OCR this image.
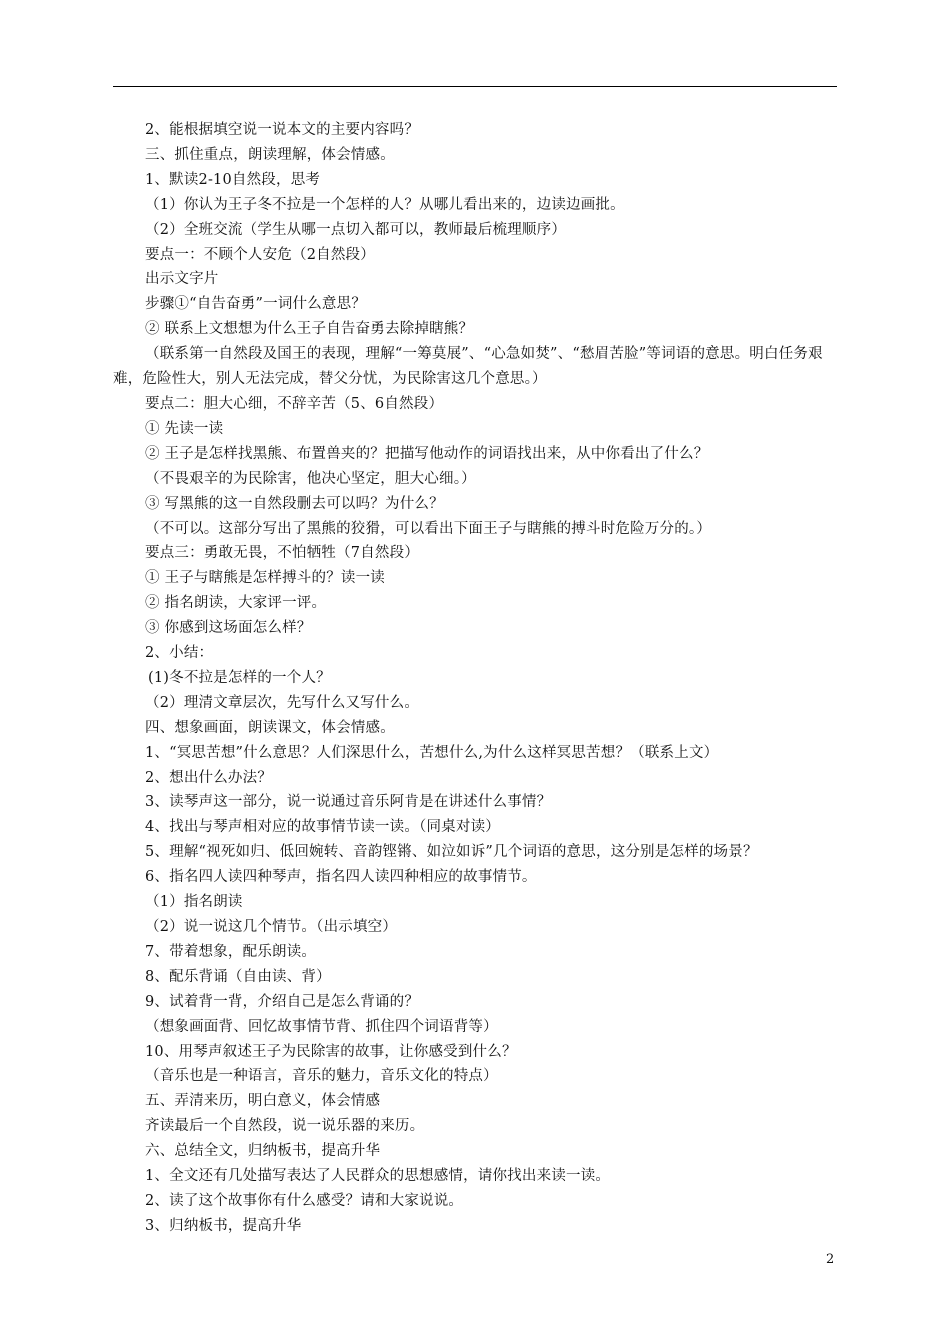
2、能根据填空说一说本文的主要内容吗？
三、抓住重点，朗读理解，体会情感。
1、默读2-10自然段，思考
（1）你认为王子冬不拉是一个怎样的人？从哪儿看出来的，边读边画批。
（2）全班交流（学生从哪一点切入都可以，教师最后梳理顺序）
要点一：不顾个人安危（2自然段）
出示文字片
步骤①“自告奋勇”一词什么意思？
② 联系上文想想为什么王子自告奋勇去除掉瞎熊？
（联系第一自然段及国王的表现，理解“一筹莫展”、“心急如焚”、“愁眉苦脸”等词语的意思。明白任务艰难，危险性大，别人无法完成，替父分忧，为民除害这几个意思。）
要点二：胆大心细，不辞辛苦（5、6自然段）
① 先读一读
② 王子是怎样找黑熊、布置兽夹的？把描写他动作的词语找出来，从中你看出了什么？
（不畏艰辛的为民除害，他决心坚定，胆大心细。）
③ 写黑熊的这一自然段删去可以吗？为什么？
（不可以。这部分写出了黑熊的狡猾，可以看出下面王子与瞎熊的搏斗时危险万分的。）
要点三：勇敢无畏，不怕牺牲（7自然段）
① 王子与瞎熊是怎样搏斗的？读一读
② 指名朗读，大家评一评。
③ 你感到这场面怎么样？
2、小结：
(1)冬不拉是怎样的一个人？
（2）理清文章层次，先写什么又写什么。
四、想象画面，朗读课文，体会情感。
1、“冥思苦想”什么意思？人们深思什么，苦想什么,为什么这样冥思苦想？（联系上文）
2、想出什么办法？
3、读琴声这一部分，说一说通过音乐阿肯是在讲述什么事情？
4、找出与琴声相对应的故事情节读一读。（同桌对读）
5、理解“视死如归、低回婉转、音韵铿锵、如泣如诉”几个词语的意思，这分别是怎样的场景？
6、指名四人读四种琴声，指名四人读四种相应的故事情节。
（1）指名朗读
（2）说一说这几个情节。（出示填空）
7、带着想象，配乐朗读。
8、配乐背诵（自由读、背）
9、试着背一背，介绍自己是怎么背诵的？
（想象画面背、回忆故事情节背、抓住四个词语背等）
10、用琴声叙述王子为民除害的故事，让你感受到什么？
（音乐也是一种语言，音乐的魅力，音乐文化的特点）
五、弄清来历，明白意义，体会情感
齐读最后一个自然段，说一说乐器的来历。
六、总结全文，归纳板书，提高升华
1、全文还有几处描写表达了人民群众的思想感情，请你找出来读一读。
2、读了这个故事你有什么感受？请和大家说说。
3、归纳板书，提高升华
2
